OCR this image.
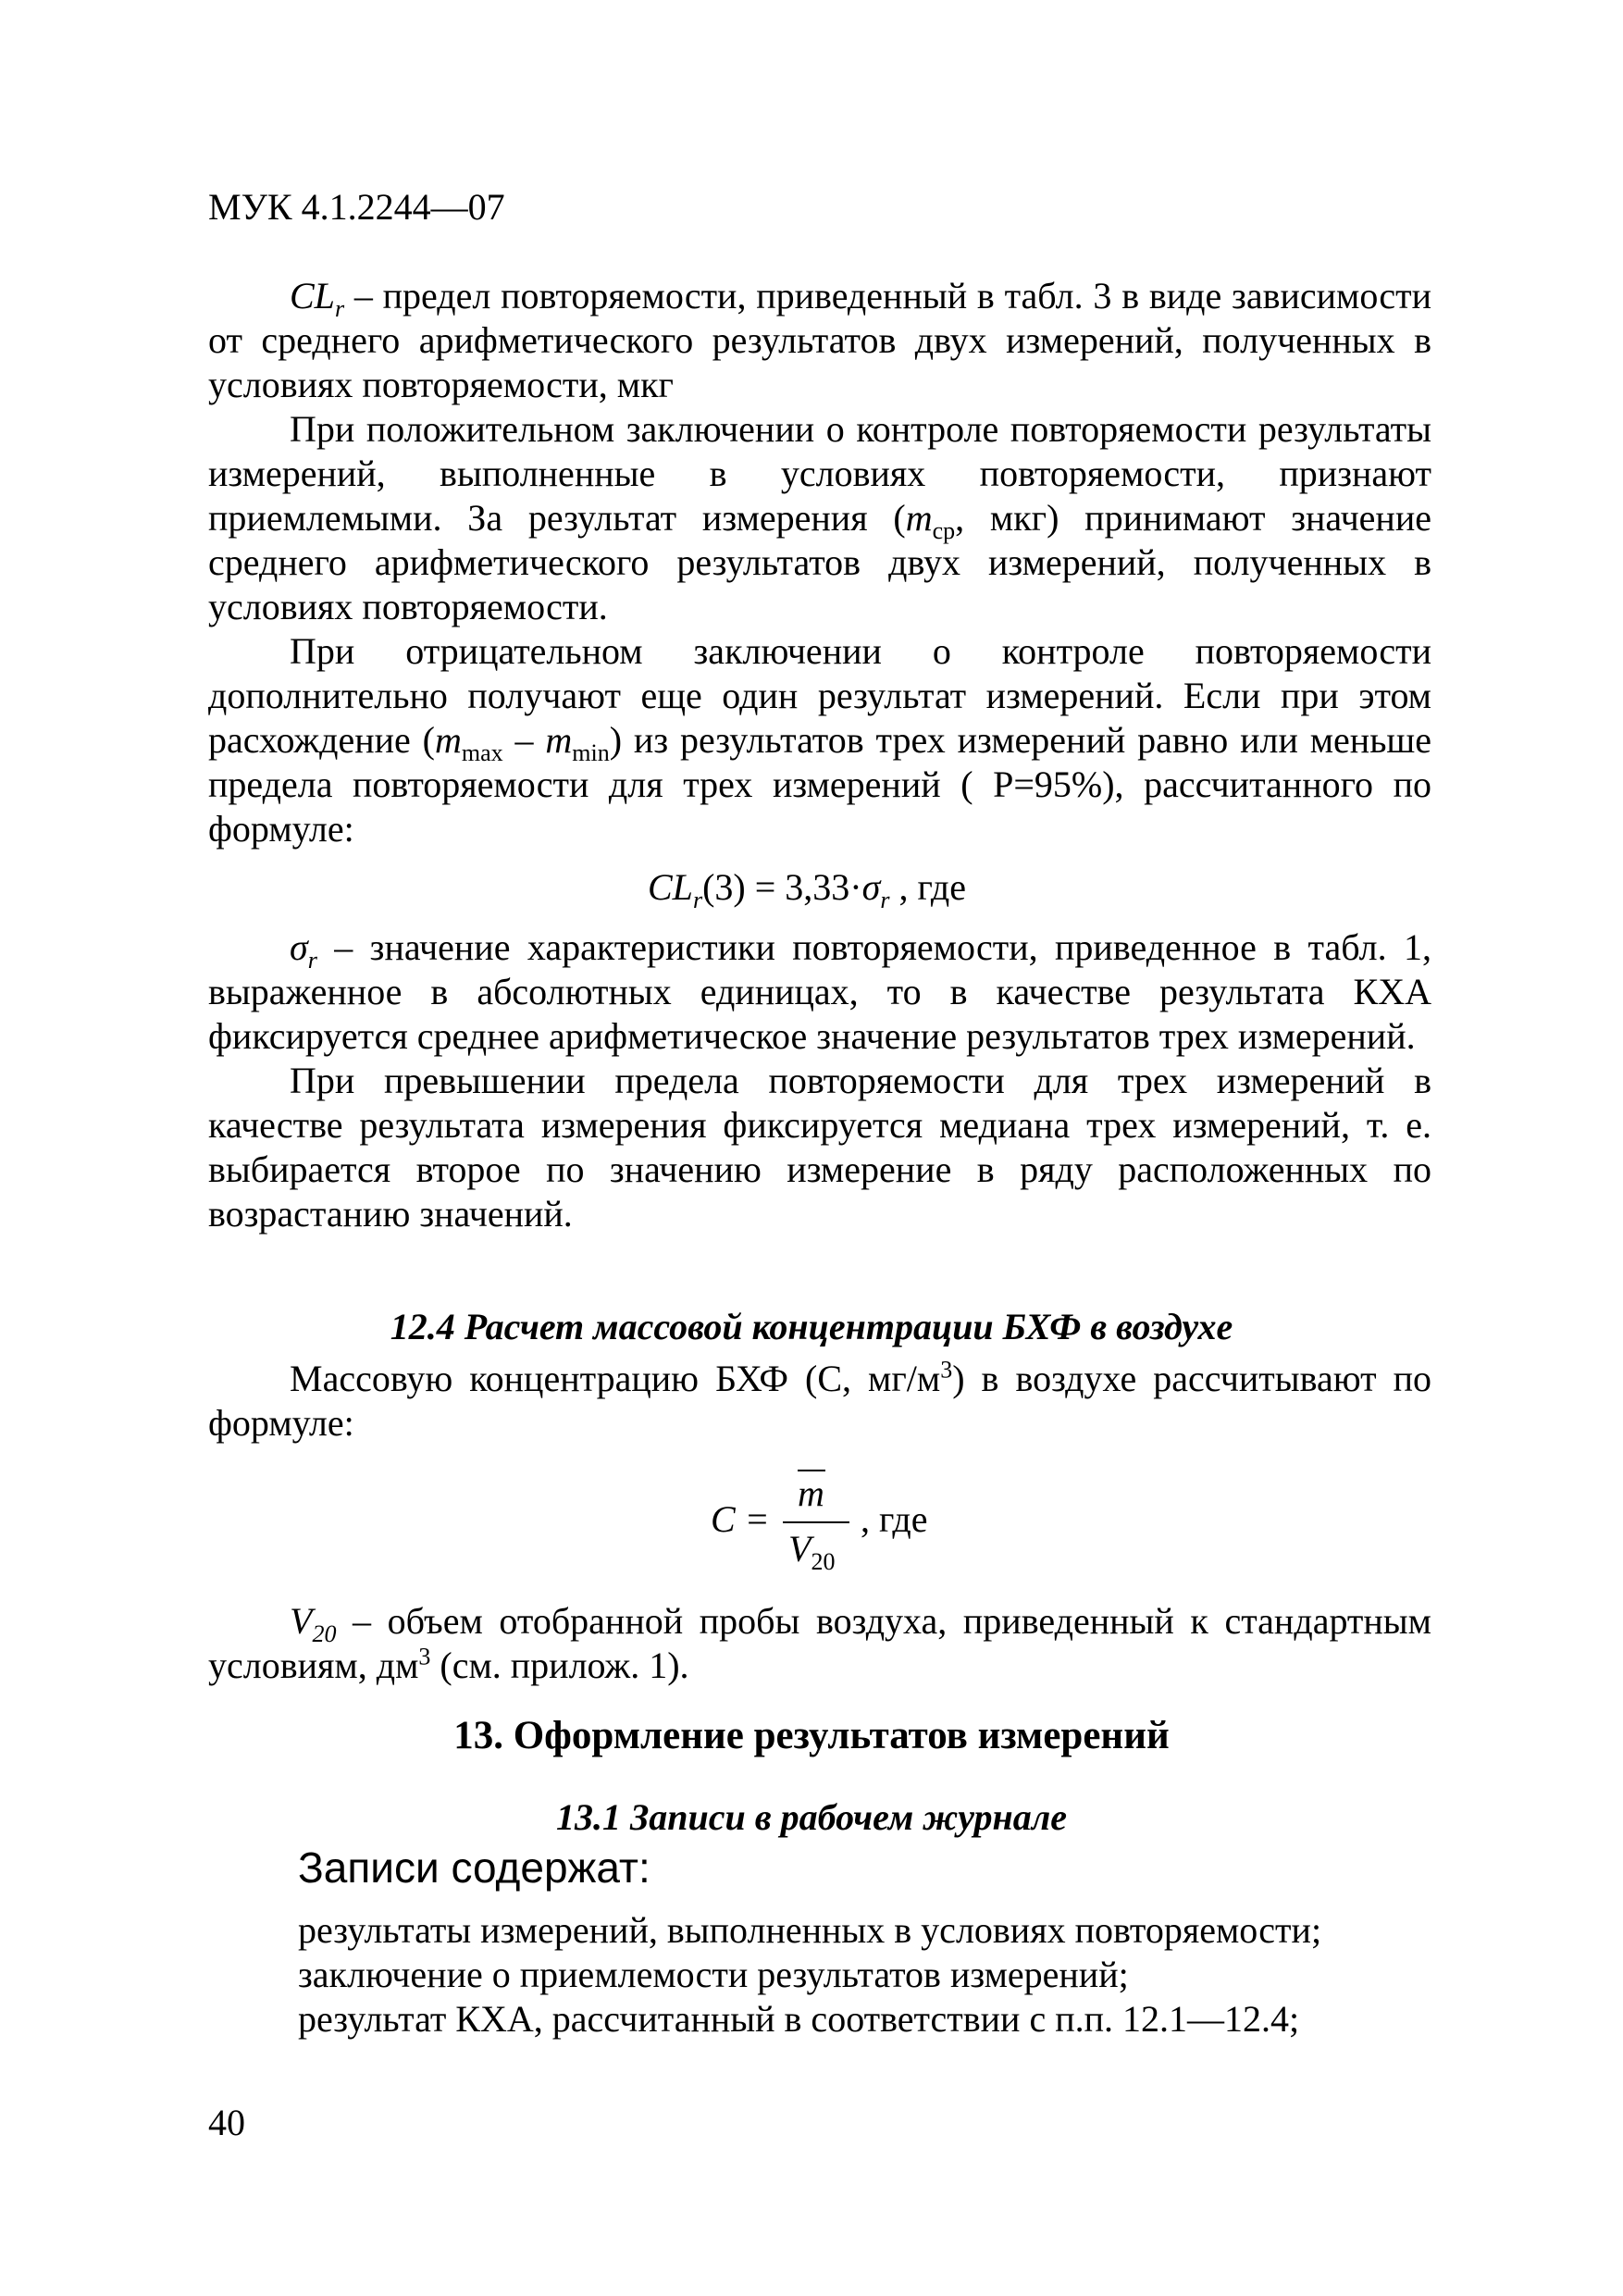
МУК 4.1.2244—07

$CL_r$ – предел повторяемости, приведенный в табл. 3 в виде зависимости от среднего арифметического результатов двух измерений, полученных в условиях повторяемости, мкг

При положительном заключении о контроле повторяемости результаты измерений, выполненные в условиях повторяемости, признают приемлемыми. За результат измерения ($m_{ср}$, мкг) принимают значение среднего арифметического результатов двух измерений, полученных в условиях повторяемости.

При отрицательном заключении о контроле повторяемости дополнительно получают еще один результат измерений. Если при этом расхождение $(m_{max} - m_{min})$ из результатов трех измерений равно или меньше предела повторяемости для трех измерений ( P=95%), рассчитанного по формуле:

$CL_r(3) = 3,33\cdot\sigma_r$ , где

$\sigma_r$ – значение характеристики повторяемости, приведенное в табл. 1, выраженное в абсолютных единицах, то в качестве результата КХА фиксируется среднее арифметическое значение результатов трех измерений.

При превышении предела повторяемости для трех измерений в качестве результата измерения фиксируется медиана трех измерений, т. е. выбирается второе по значению измерение в ряду расположенных по возрастанию значений.

12.4 Расчет массовой концентрации БХФ в воздухе

Массовую концентрацию БХФ (С, $мг/м^3$) в воздухе рассчитывают по формуле:

C =
m
$V_{20}$
, где

$V_{20}$ – объем отобранной пробы воздуха, приведенный к стандартным условиям, $дм^3$ (см. прилож. 1).

13. Оформление результатов измерений
13.1 Записи в рабочем журнале
Записи содержат:
результаты измерений, выполненных в условиях повторяемости;
заключение о приемлемости результатов измерений;
результат КХА, рассчитанный в соответствии с п.п. 12.1—12.4;
40
